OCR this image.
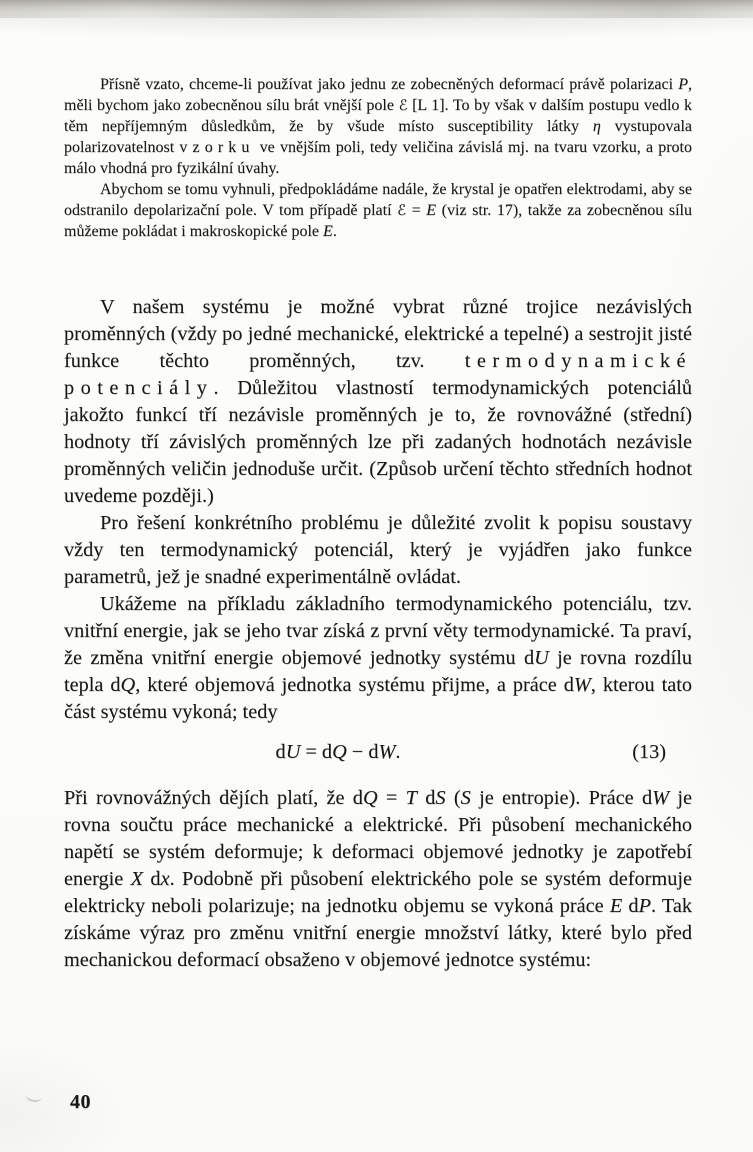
Přísně vzato, chceme-li používat jako jednu ze zobecněných deformací právě polarizaci P, měli bychom jako zobecněnou sílu brát vnější pole ℰ [L 1]. To by však v dalším postupu vedlo k těm nepříjemným důsledkům, že by všude místo susceptibility látky η vystupovala polarizovatelnost vzorku ve vnějším poli, tedy veličina závislá mj. na tvaru vzorku, a proto málo vhodná pro fyzikální úvahy.

Abychom se tomu vyhnuli, předpokládáme nadále, že krystal je opatřen elektrodami, aby se odstranilo depolarizační pole. V tom případě platí ℰ = E (viz str. 17), takže za zobecněnou sílu můžeme pokládat i makroskopické pole E.

V našem systému je možné vybrat různé trojice nezávislých proměnných (vždy po jedné mechanické, elektrické a tepelné) a sestrojit jisté funkce těchto proměnných, tzv. termodynamické potenciály. Důležitou vlastností termodynamických potenciálů jakožto funkcí tří nezávisle proměnných je to, že rovnovážné (střední) hodnoty tří závislých proměnných lze při zadaných hodnotách nezávisle proměnných veličin jednoduše určit. (Způsob určení těchto středních hodnot uvedeme později.)

Pro řešení konkrétního problému je důležité zvolit k popisu soustavy vždy ten termodynamický potenciál, který je vyjádřen jako funkce parametrů, jež je snadné experimentálně ovládat.

Ukážeme na příkladu základního termodynamického potenciálu, tzv. vnitřní energie, jak se jeho tvar získá z první věty termodynamické. Ta praví, že změna vnitřní energie objemové jednotky systému dU je rovna rozdílu tepla dQ, které objemová jednotka systému přijme, a práce dW, kterou tato část systému vykoná; tedy

dU = dQ − dW.	(13)

Při rovnovážných dějích platí, že dQ = T dS (S je entropie). Práce dW je rovna součtu práce mechanické a elektrické. Při působení mechanického napětí se systém deformuje; k deformaci objemové jednotky je zapotřebí energie X dx. Podobně při působení elektrického pole se systém deformuje elektricky neboli polarizuje; na jednotku objemu se vykoná práce E dP. Tak získáme výraz pro změnu vnitřní energie množství látky, které bylo před mechanickou deformací obsaženo v objemové jednotce systému:

40
